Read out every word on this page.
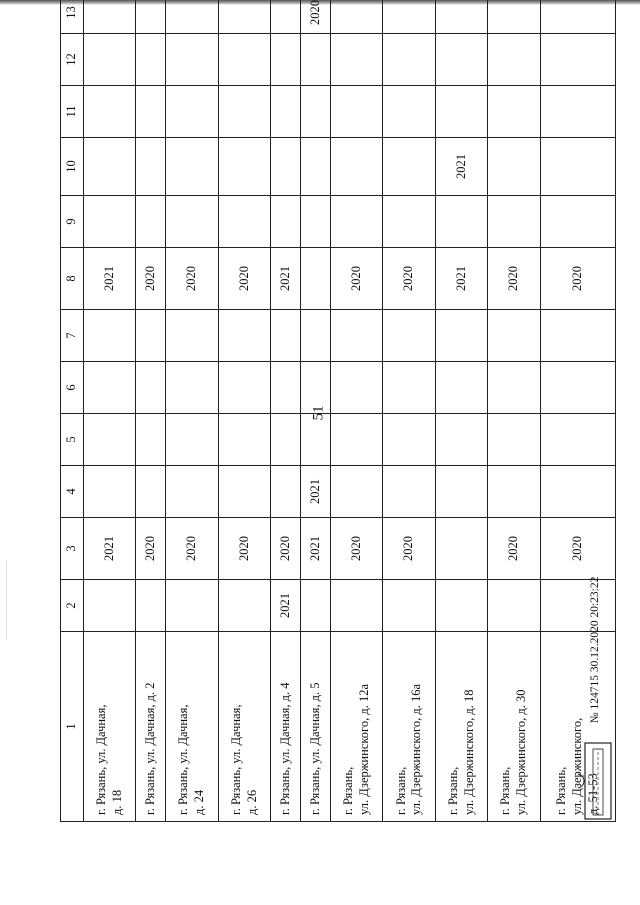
51
1	2	3	4	5	6	7	8	9	10	11	12	13

г. Рязань, ул. Дачная, д. 18		2021					2021					

г. Рязань, ул. Дачная, д. 2		2020					2020					

г. Рязань, ул. Дачная, д. 24		2020					2020					

г. Рязань, ул. Дачная, д. 26		2020					2020					

г. Рязань, ул. Дачная, д. 4	2021	2020					2021					

г. Рязань, ул. Дачная, д. 5		2021	2021									2020

г. Рязань, ул. Дзержинского, д. 12а		2020					2020					

г. Рязань, ул. Дзержинского, д. 16а		2020					2020					

г. Рязань, ул. Дзержинского, д. 18							2021		2021			

г. Рязань, ул. Дзержинского, д. 30		2020					2020					

г. Рязань, ул. Дзержинского, д. 51-53		2020					2020					
№ 124715 30.12.2020 20:23:22
